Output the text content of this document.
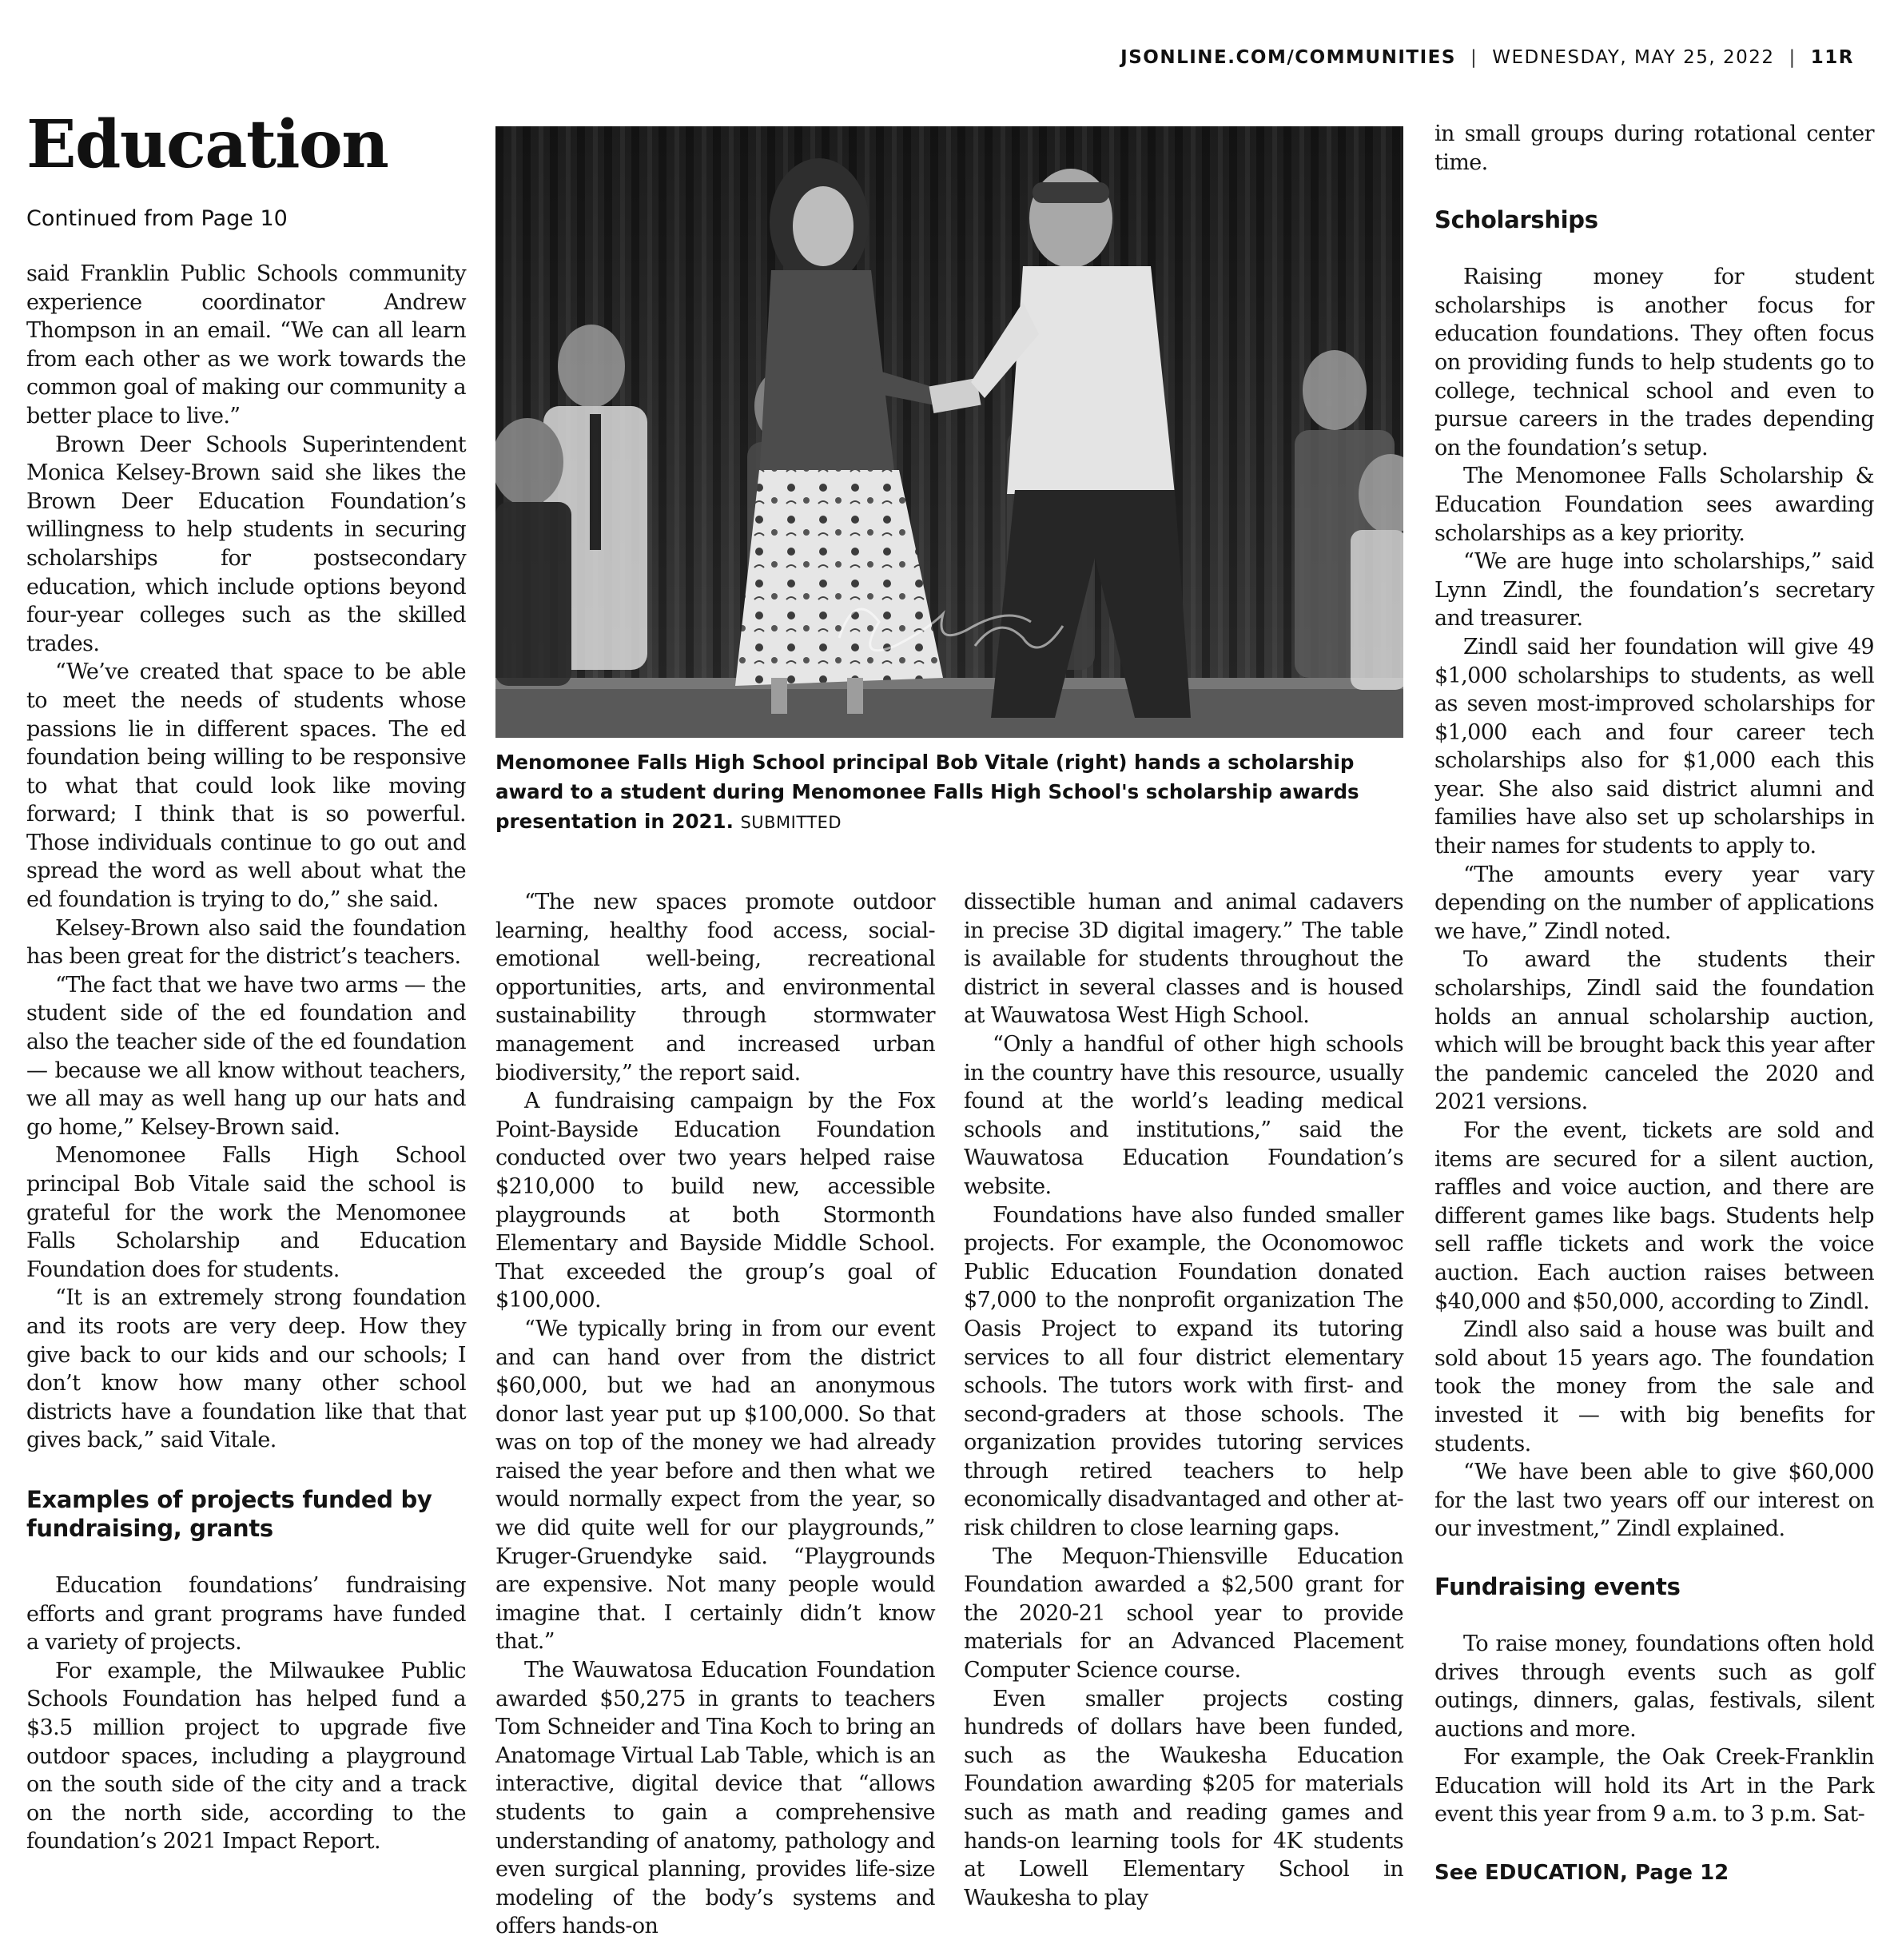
JSONLINE.COM/COMMUNITIES | WEDNESDAY, MAY 25, 2022 | 11R
Education
Continued from Page 10

said Franklin Public Schools community experience coordinator Andrew Thompson in an email. “We can all learn from each other as we work towards the common goal of making our community a better place to live.”

Brown Deer Schools Superintendent Monica Kelsey-Brown said she likes the Brown Deer Education Foundation’s willingness to help students in securing scholarships for postsecondary education, which include options beyond four-year colleges such as the skilled trades.

“We’ve created that space to be able to meet the needs of students whose passions lie in different spaces. The ed foundation being willing to be responsive to what that could look like moving forward; I think that is so powerful. Those individuals continue to go out and spread the word as well about what the ed foundation is trying to do,” she said.

Kelsey-Brown also said the foundation has been great for the district’s teachers.

“The fact that we have two arms — the student side of the ed foundation and also the teacher side of the ed foundation — because we all know without teachers, we all may as well hang up our hats and go home,” Kelsey-Brown said.

Menomonee Falls High School principal Bob Vitale said the school is grateful for the work the Menomonee Falls Scholarship and Education Foundation does for students.

“It is an extremely strong foundation and its roots are very deep. How they give back to our kids and our schools; I don’t know how many other school districts have a foundation like that that gives back,” said Vitale.

Examples of projects funded by fundraising, grants

Education foundations’ fundraising efforts and grant programs have funded a variety of projects.

For example, the Milwaukee Public Schools Foundation has helped fund a $3.5 million project to upgrade five outdoor spaces, including a playground on the south side of the city and a track on the north side, according to the foundation’s 2021 Impact Report.

Menomonee Falls High School principal Bob Vitale (right) hands a scholarship award to a student during Menomonee Falls High School's scholarship awards presentation in 2021. SUBMITTED

“The new spaces promote outdoor learning, healthy food access, social-emotional well-being, recreational opportunities, arts, and environmental sustainability through stormwater management and increased urban biodiversity,” the report said.

A fundraising campaign by the Fox Point-Bayside Education Foundation conducted over two years helped raise $210,000 to build new, accessible playgrounds at both Stormonth Elementary and Bayside Middle School. That exceeded the group’s goal of $100,000.

“We typically bring in from our event and can hand over from the district $60,000, but we had an anonymous donor last year put up $100,000. So that was on top of the money we had already raised the year before and then what we would normally expect from the year, so we did quite well for our playgrounds,” Kruger-Gruendyke said. “Playgrounds are expensive. Not many people would imagine that. I certainly didn’t know that.”

The Wauwatosa Education Foundation awarded $50,275 in grants to teachers Tom Schneider and Tina Koch to bring an Anatomage Virtual Lab Table, which is an interactive, digital device that “allows students to gain a comprehensive understanding of anatomy, pathology and even surgical planning, provides life-size modeling of the body’s systems and offers hands-on

dissectible human and animal cadavers in precise 3D digital imagery.” The table is available for students throughout the district in several classes and is housed at Wauwatosa West High School.

“Only a handful of other high schools in the country have this resource, usually found at the world’s leading medical schools and institutions,” said the Wauwatosa Education Foundation’s website.

Foundations have also funded smaller projects. For example, the Oconomowoc Public Education Foundation donated $7,000 to the nonprofit organization The Oasis Project to expand its tutoring services to all four district elementary schools. The tutors work with first- and second-graders at those schools. The organization provides tutoring services through retired teachers to help economically disadvantaged and other at-risk children to close learning gaps.

The Mequon-Thiensville Education Foundation awarded a $2,500 grant for the 2020-21 school year to provide materials for an Advanced Placement Computer Science course.

Even smaller projects costing hundreds of dollars have been funded, such as the Waukesha Education Foundation awarding $205 for materials such as math and reading games and hands-on learning tools for 4K students at Lowell Elementary School in Waukesha to play

in small groups during rotational center time.

Scholarships

Raising money for student scholarships is another focus for education foundations. They often focus on providing funds to help students go to college, technical school and even to pursue careers in the trades depending on the foundation’s setup.

The Menomonee Falls Scholarship & Education Foundation sees awarding scholarships as a key priority.

“We are huge into scholarships,” said Lynn Zindl, the foundation’s secretary and treasurer.

Zindl said her foundation will give 49 $1,000 scholarships to students, as well as seven most-improved scholarships for $1,000 each and four career tech scholarships also for $1,000 each this year. She also said district alumni and families have also set up scholarships in their names for students to apply to.

“The amounts every year vary depending on the number of applications we have,” Zindl noted.

To award the students their scholarships, Zindl said the foundation holds an annual scholarship auction, which will be brought back this year after the pandemic canceled the 2020 and 2021 versions.

For the event, tickets are sold and items are secured for a silent auction, raffles and voice auction, and there are different games like bags. Students help sell raffle tickets and work the voice auction. Each auction raises between $40,000 and $50,000, according to Zindl.

Zindl also said a house was built and sold about 15 years ago. The foundation took the money from the sale and invested it — with big benefits for students.

“We have been able to give $60,000 for the last two years off our interest on our investment,” Zindl explained.

Fundraising events

To raise money, foundations often hold drives through events such as golf outings, dinners, galas, festivals, silent auctions and more.

For example, the Oak Creek-Franklin Education will hold its Art in the Park event this year from 9 a.m. to 3 p.m. Sat-

See EDUCATION, Page 12
